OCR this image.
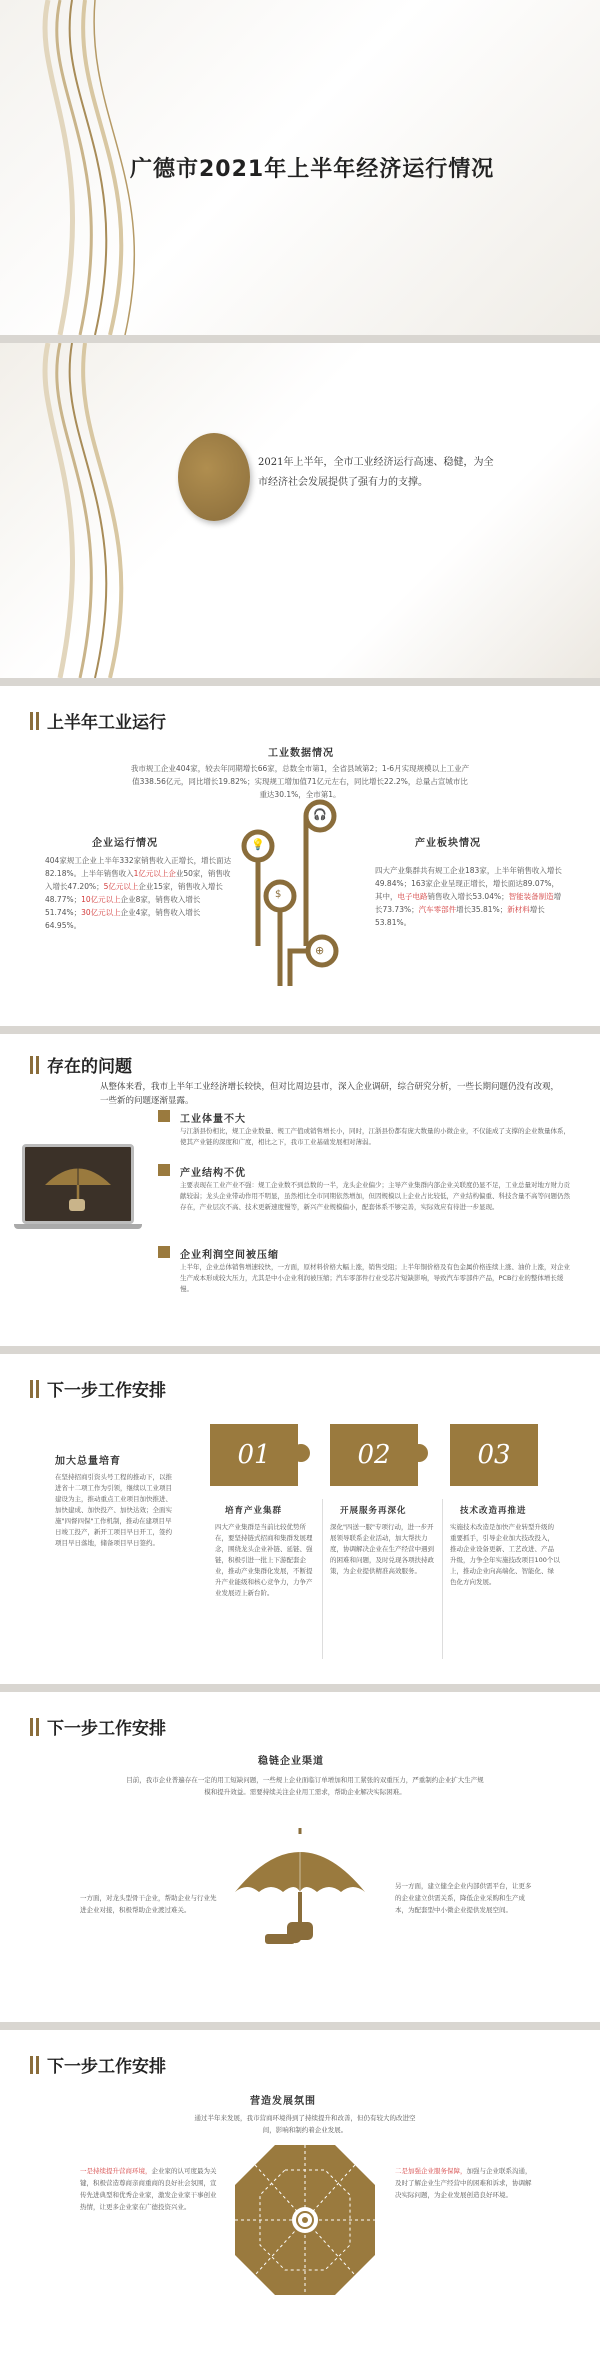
广德市2021年上半年经济运行情况
2021年上半年，全市工业经济运行高速、稳健，为全市经济社会发展提供了强有力的支撑。
上半年工业运行
工业数据情况
我市规工企业404家，较去年同期增长66家，总数全市第1，全省县域第2；1-6月实现规模以上工业产值338.56亿元，同比增长19.82%；实现规工增加值71亿元左右，同比增长22.2%，总量占宣城市比重达30.1%，全市第1。
企业运行情况
404家规工企业上半年332家销售收入正增长，增长面达82.18%。上半年销售收入1亿元以上企业50家，销售收入增长47.20%；5亿元以上企业15家，销售收入增长48.77%；10亿元以上企业8家，销售收入增长51.74%；30亿元以上企业4家，销售收入增长64.95%。
💡
🎧
$
⊕
产业板块情况
四大产业集群共有规工企业183家，上半年销售收入增长49.84%；163家企业呈现正增长，增长面达89.07%，其中，电子电路销售收入增长53.04%；智能装备制造增长73.73%；汽车零部件增长35.81%；新材料增长53.81%。
存在的问题
从整体来看，我市上半年工业经济增长较快，但对比周边县市，深入企业调研，综合研究分析，一些长期问题仍没有改观，一些新的问题逐渐显露。
工业体量不大
与江浙县份相比，规工企业数量、规工产值或销售增长小，同时，江浙县份都有庞大数量的小微企业，不仅能成了支撑的企业数量体系，使其产业链的深度和广度，相比之下，我市工业基础发展相对薄弱。
产业结构不优
主要表现在工业产业不强：规工企业数不到总数的一半，龙头企业偏少；主导产业集群内部企业关联度仍显不足，工业总量对地方财力贡献较弱；龙头企业带动作用不明显，虽然相比全市同期依然增加，但因规模以上企业占比较低，产业结构偏重、科技含量不高等问题仍然存在，产业层次不高、技术更新速度慢等，新兴产业规模偏小，配套体系不够完善，实际效应有待进一步显现。
企业利润空间被压缩
上半年，企业总体销售增速较快，一方面，原材料价格大幅上涨，销售受阻；上半年铜价格及有色金属价格连续上涨、油价上涨，对企业生产成本形成较大压力，尤其是中小企业利润被压缩；汽车零部件行业受芯片短缺影响，导致汽车零部件产品，PCB行业的整体增长缓慢。
下一步工作安排
加大总量培育
在坚持招商引资头号工程的推动下，以推进省十二项工作为引领，继续以工业项目建设为主，推动重点工业项目加快推进、加快建成、加快投产、加快达效；全面实施"四督四保"工作机制，推动在建项目早日竣工投产，新开工项目早日开工，签约项目早日落地，储备项目早日签约。
01	02	03
培育产业集群
四大产业集群是当前比较优势所在，要坚持链式招商和集群发展理念，围绕龙头企业补链、延链、强链，积极引进一批上下游配套企业，推动产业集群化发展，不断提升产业能级和核心竞争力，力争产业发展迈上新台阶。
开展服务再深化
深化"四送一服"专项行动，进一步开展领导联系企业活动，加大帮扶力度，协调解决企业在生产经营中遇到的困难和问题，及时兑现各项扶持政策，为企业提供精准高效服务。
技术改造再推进
实施技术改造是加快产业转型升级的重要抓手，引导企业加大技改投入，推动企业设备更新、工艺改进、产品升级，力争全年实施技改项目100个以上，推动企业向高端化、智能化、绿色化方向发展。
下一步工作安排
稳链企业渠道
目前，我市企业普遍存在一定的用工短缺问题，一些规上企业面临订单增加和用工紧张的双重压力，严重制约企业扩大生产规模和提升效益。需要持续关注企业用工需求，帮助企业解决实际困难。
一方面，对龙头型骨干企业，帮助企业与行业先进企业对接，积极帮助企业渡过难关。
另一方面，建立健全企业内部供需平台，让更多的企业建立供需关系，降低企业采购和生产成本，为配套型中小微企业提供发展空间。
下一步工作安排
营造发展氛围
通过半年来发展，我市营商环境得到了持续提升和改善，但仍有较大的改进空间，影响和制约着企业发展。
一是持续提升营商环境，企业家的认可度最为关键，积极营造尊商亲商重商的良好社会氛围，宣传先进典型和优秀企业家，激发企业家干事创业热情，让更多企业家在广德投资兴业。
二是加强企业服务保障，加强与企业联系沟通，及时了解企业生产经营中的困难和诉求，协调解决实际问题，为企业发展创造良好环境。
